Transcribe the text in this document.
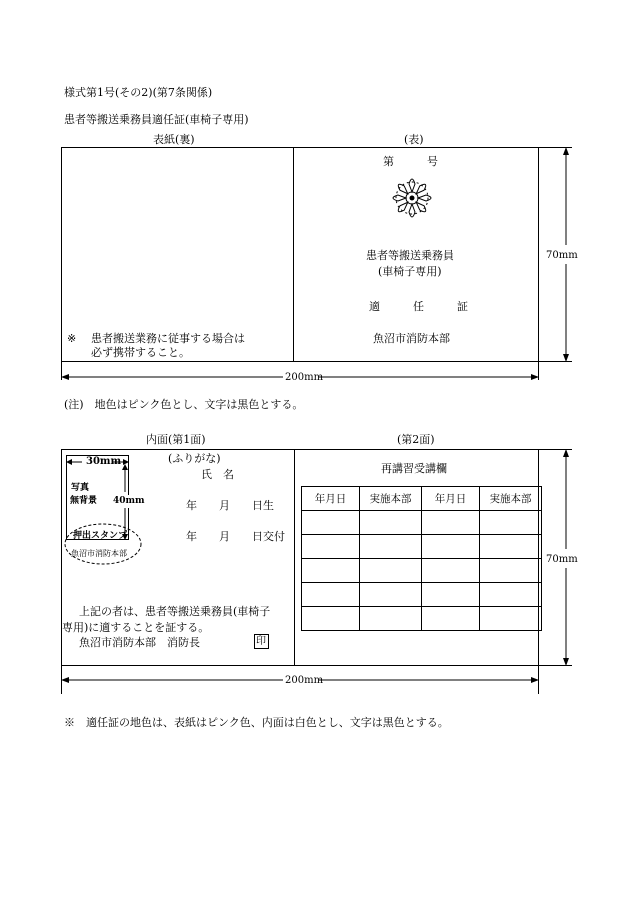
様式第1号(その2)(第7条関係)
患者等搬送乗務員適任証(車椅子専用)
表紙(裏)	(表)
第　　　号
患者等搬送乗務員
(車椅子専用)
適　　　任　　　証
魚沼市消防本部
※ 患者搬送業務に従事する場合は
必ず携帯すること。
70mm
200mm
(注)　地色はピンク色とし、文字は黒色とする。
内面(第1面)	(第2面)
30mm
写真
無背景 40mm
押出スタンプ
魚沼市消防本部
(ふりがな)
氏　名
年　　月　　日生
年　　月　　日交付
上記の者は、患者等搬送乗務員(車椅子
専用)に適することを証する。
魚沼市消防本部　消防長	印
再講習受講欄
年月日	実施本部	年月日	実施本部

70mm
200mm
※　適任証の地色は、表紙はピンク色、内面は白色とし、文字は黒色とする。
